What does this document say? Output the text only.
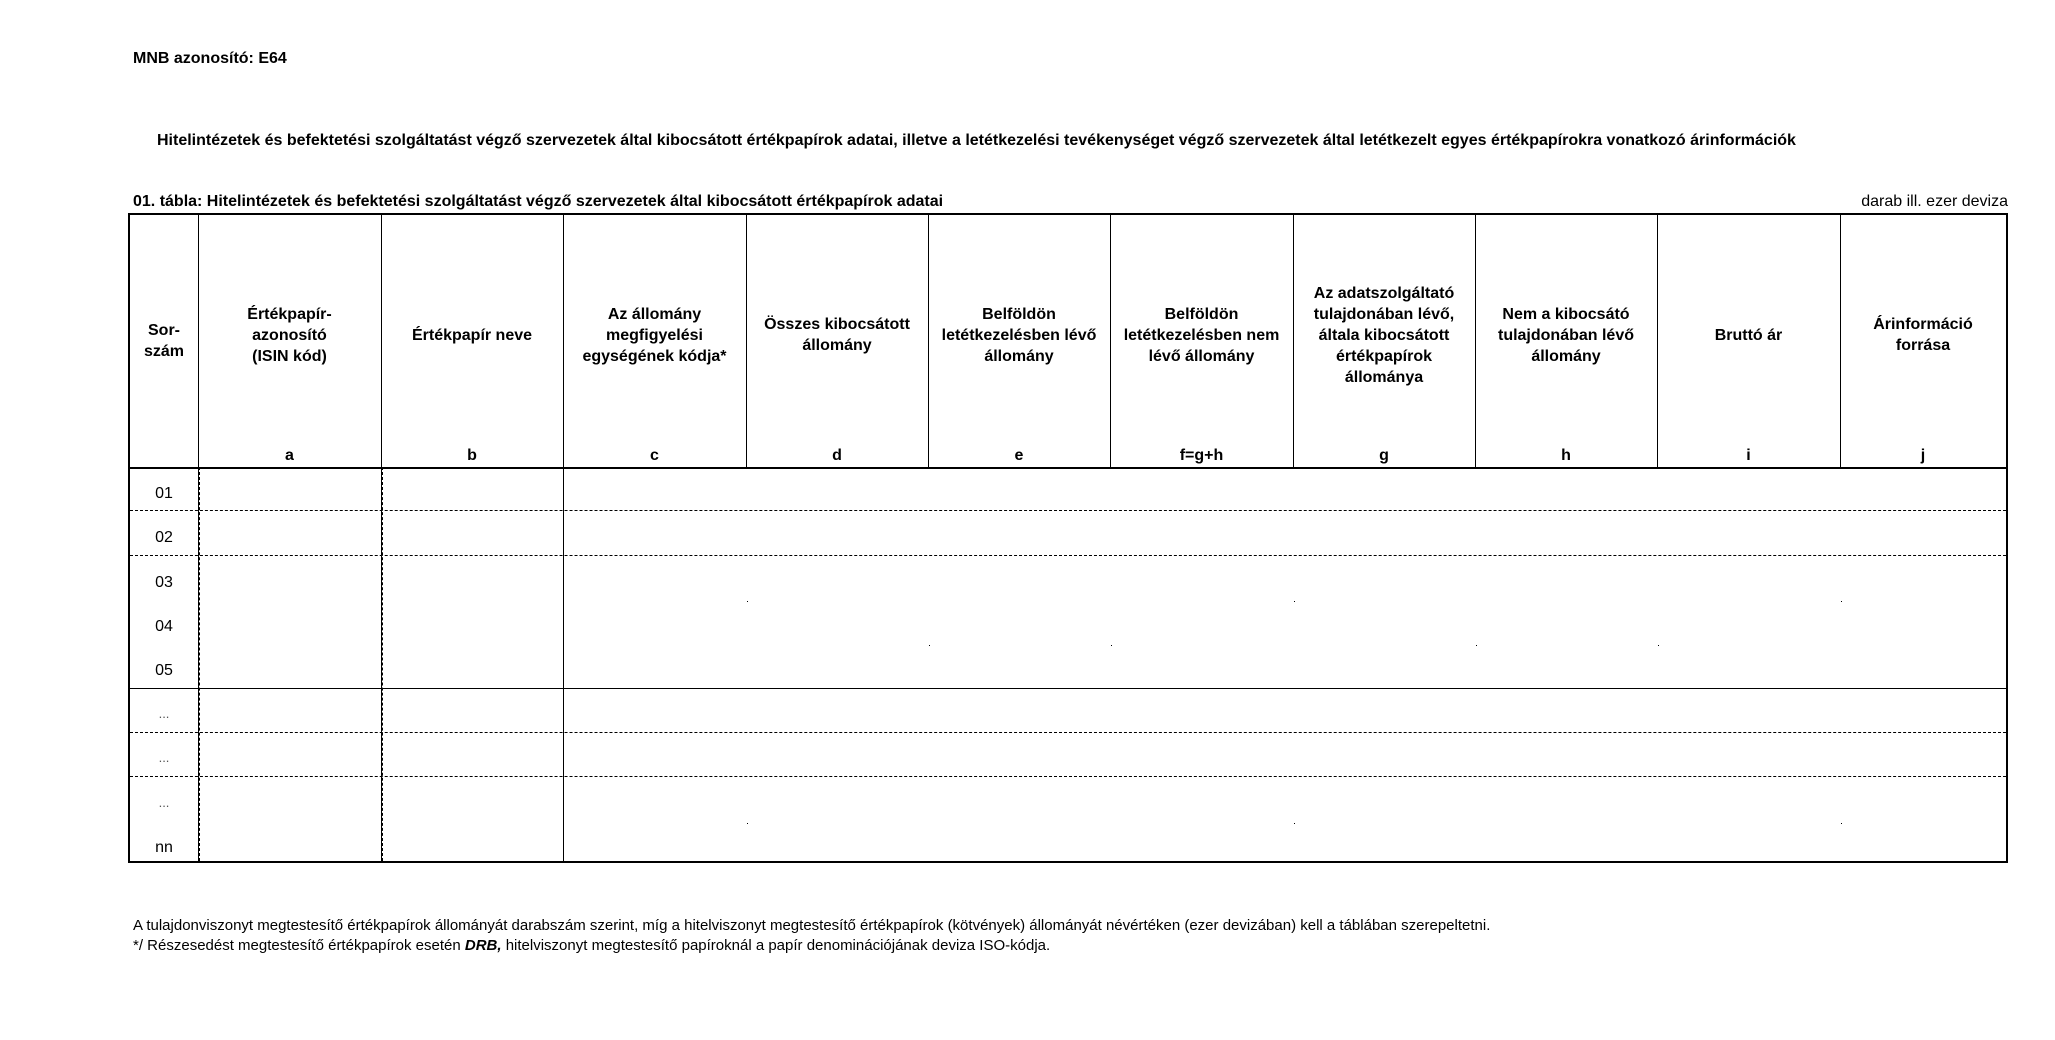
MNB azonosító: E64
Hitelintézetek és befektetési szolgáltatást végző szervezetek által kibocsátott értékpapírok adatai, illetve a letétkezelési tevékenységet végző szervezetek által letétkezelt egyes értékpapírokra vonatkozó árinformációk
01. tábla: Hitelintézetek és befektetési szolgáltatást végző szervezetek által kibocsátott értékpapírok adatai	darab ill. ezer deviza
Sor-
szám
Értékpapír-
azonosító
(ISIN kód)
a
Értékpapír neve
b
Az állomány
megfigyelési
egységének kódja*
c
Összes kibocsátott
állomány
d
Belföldön
letétkezelésben lévő
állomány
e
Belföldön
letétkezelésben nem
lévő állomány
f=g+h
Az adatszolgáltató
tulajdonában lévő,
általa kibocsátott
értékpapírok
állománya
g
Nem a kibocsátó
tulajdonában lévő
állomány
h
Bruttó ár
i
Árinformáció
forrása
j
01
02
03
04
05
...
...
...
nn
A tulajdonviszonyt megtestesítő értékpapírok állományát darabszám szerint, míg a hitelviszonyt megtestesítő értékpapírok (kötvények) állományát névértéken (ezer devizában) kell a táblában szerepeltetni.
*/ Részesedést megtestesítő értékpapírok esetén DRB, hitelviszonyt megtestesítő papíroknál a papír denominációjának deviza ISO-kódja.
